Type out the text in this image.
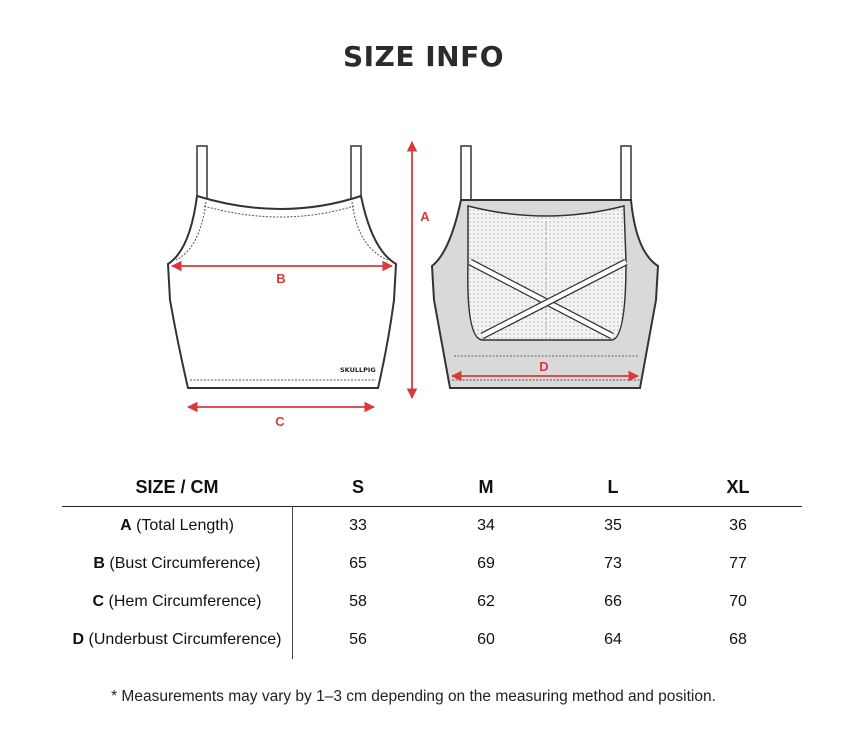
SIZE INFO
SKULLPIG
B
C
A
D
SIZE / CM	S	M	L	XL
A (Total Length)	33	34	35	36
B (Bust Circumference)	65	69	73	77
C (Hem Circumference)	58	62	66	70
D (Underbust Circumference)	56	60	64	68
* Measurements may vary by 1–3 cm depending on the measuring method and position.
